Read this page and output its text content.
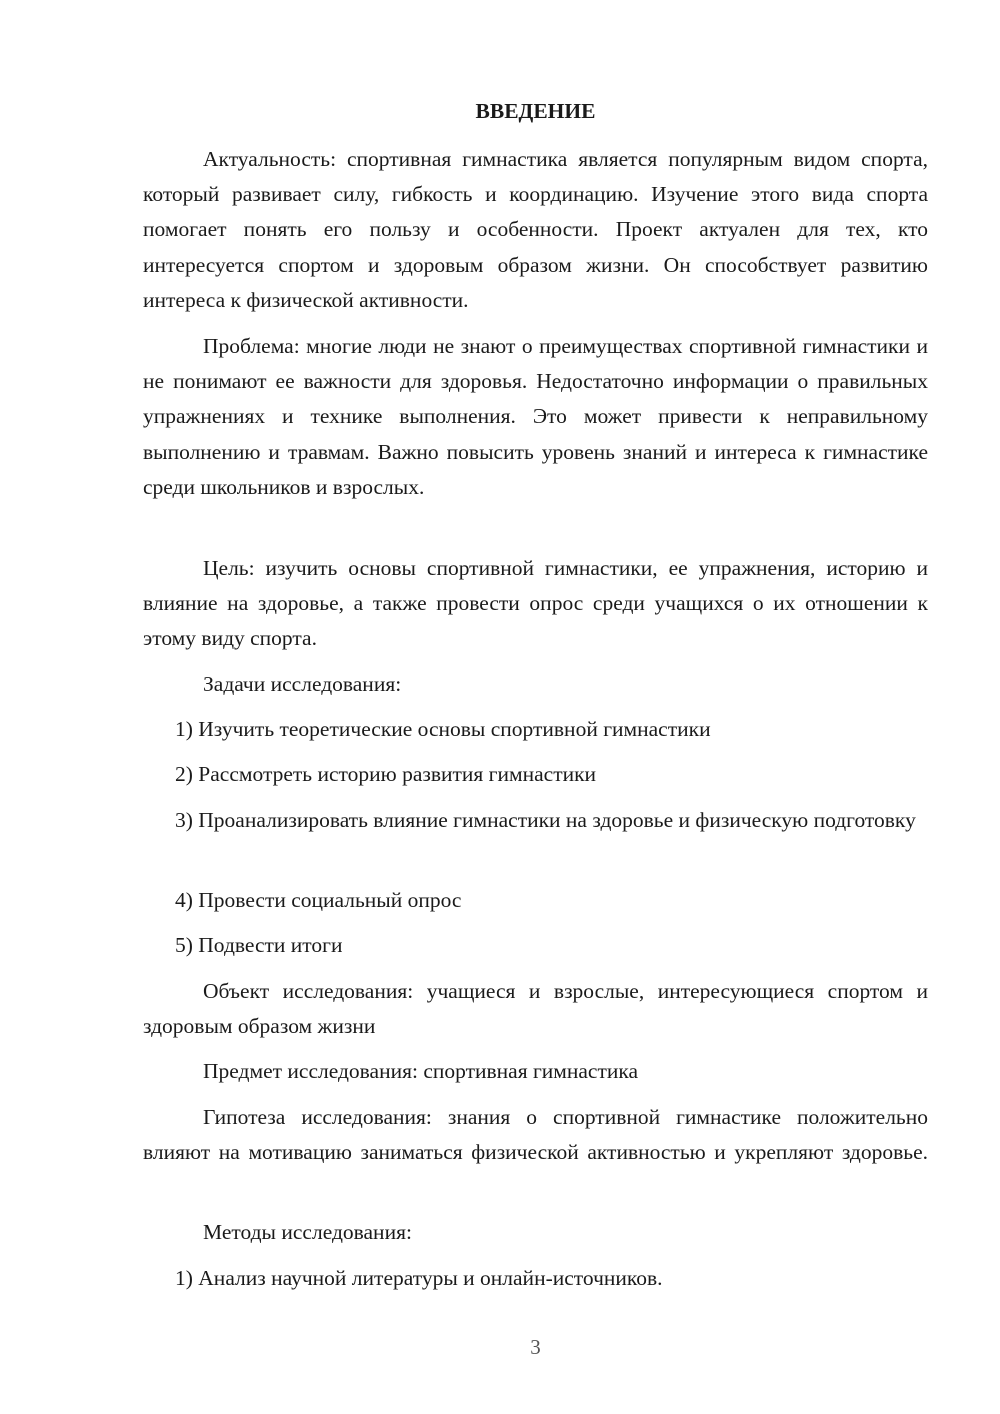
ВВЕДЕНИЕ

Актуальность: спортивная гимнастика является популярным видом спорта, который развивает силу, гибкость и координацию. Изучение этого вида спорта помогает понять его пользу и особенности. Проект актуален для тех, кто интересуется спортом и здоровым образом жизни. Он способствует развитию интереса к физической активности.

Проблема: многие люди не знают о преимуществах спортивной гимнастики и не понимают ее важности для здоровья. Недостаточно информации о правильных упражнениях и технике выполнения. Это может привести к неправильному выполнению и травмам. Важно повысить уровень знаний и интереса к гимнастике среди школьников и взрослых.

Цель: изучить основы спортивной гимнастики, ее упражнения, историю и влияние на здоровье, а также провести опрос среди учащихся о их отношении к этому виду спорта.

Задачи исследования:

1) Изучить теоретические основы спортивной гимнастики

2) Рассмотреть историю развития гимнастики

3) Проанализировать влияние гимнастики на здоровье и физическую подготовку

4) Провести социальный опрос

5) Подвести итоги

Объект исследования: учащиеся и взрослые, интересующиеся спортом и здоровым образом жизни

Предмет исследования: спортивная гимнастика

Гипотеза исследования: знания о спортивной гимнастике положительно влияют на мотивацию заниматься физической активностью и укрепляют здоровье.

Методы исследования:

1) Анализ научной литературы и онлайн-источников.

3
